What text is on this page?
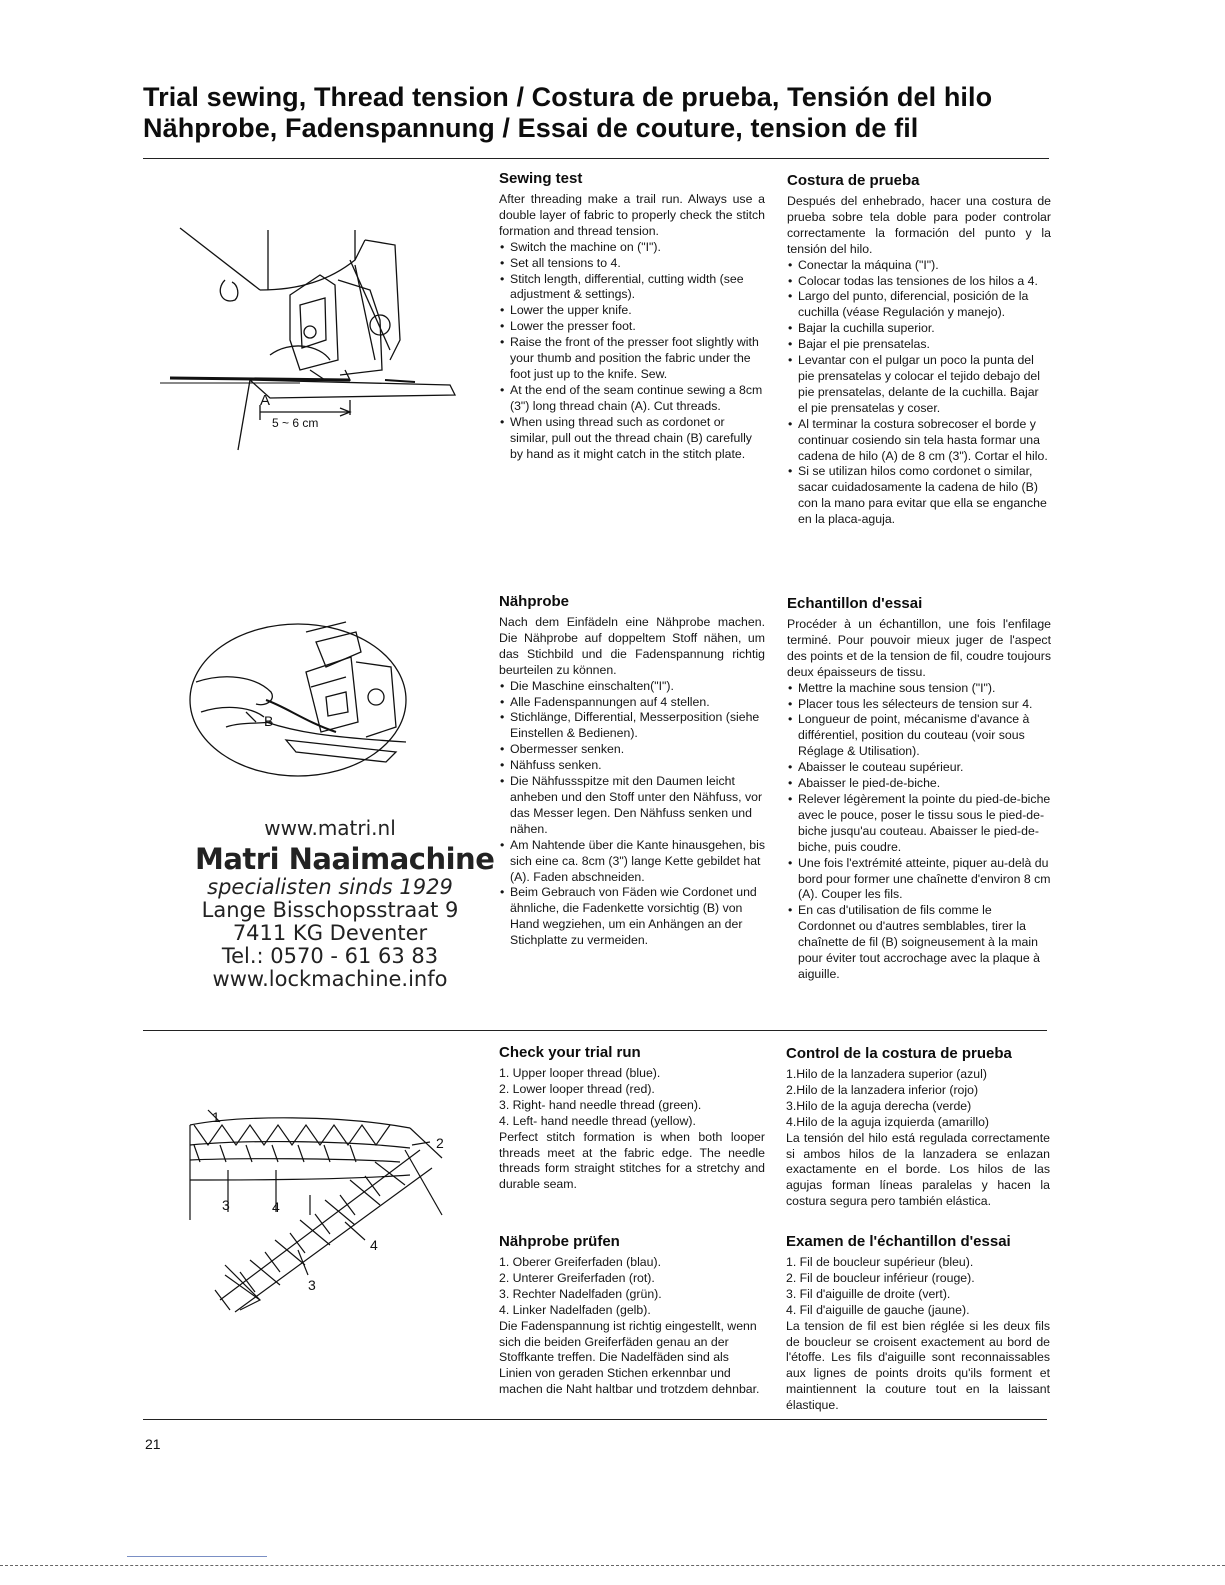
Trial sewing, Thread tension / Costura de prueba, Tensión del hilo
Nähprobe, Fadenspannung / Essai de couture, tension de fil
A
5 ~ 6 cm
B
www.matri.nl
Matri Naaimachine
specialisten sinds 1929
Lange Bisschopsstraat 9
7411 KG Deventer
Tel.: 0570 - 61 63 83
www.lockmachine.info
Sewing test

After threading make a trail run. Always use a double layer of fabric to properly check the stitch formation and thread tension.

• Switch the machine on ("I").
• Set all tensions to 4.
• Stitch length, differential, cutting width (see adjustment & settings).
• Lower the upper knife.
• Lower the presser foot.
• Raise the front of the presser foot slightly with your thumb and position the fabric under the foot just up to the knife. Sew.
• At the end of the seam continue sewing a 8cm (3") long thread chain (A). Cut threads.
• When using thread such as cordonet or similar, pull out the thread chain (B) carefully by hand as it might catch in the stitch plate.
Costura de prueba

Después del enhebrado, hacer una costura de prueba sobre tela doble para poder controlar correctamente la formación del punto y la tensión del hilo.

• Conectar la máquina ("I").
• Colocar todas las tensiones de los hilos a 4.
• Largo del punto, diferencial, posición de la cuchilla (véase Regulación y manejo).
• Bajar la cuchilla superior.
• Bajar el pie prensatelas.
• Levantar con el pulgar un poco la punta del pie prensatelas y colocar el tejido debajo del pie prensatelas, delante de la cuchilla. Bajar el pie prensatelas y coser.
• Al terminar la costura sobrecoser el borde y continuar cosiendo sin tela hasta formar una cadena de hilo (A) de 8 cm (3"). Cortar el hilo.
• Si se utilizan hilos como cordonet o similar, sacar cuidadosamente la cadena de hilo (B) con la mano para evitar que ella se enganche en la placa-aguja.
Nähprobe

Nach dem Einfädeln eine Nähprobe machen. Die Nähprobe auf doppeltem Stoff nähen, um das Stichbild und die Fadenspannung richtig beurteilen zu können.

• Die Maschine einschalten("I").
• Alle Fadenspannungen auf 4 stellen.
• Stichlänge, Differential, Messerposition (siehe Einstellen & Bedienen).
• Obermesser senken.
• Nähfuss senken.
• Die Nähfussspitze mit den Daumen leicht anheben und den Stoff unter den Nähfuss, vor das Messer legen. Den Nähfuss senken und nähen.
• Am Nahtende über die Kante hinausgehen, bis sich eine ca. 8cm (3") lange Kette gebildet hat (A). Faden abschneiden.
• Beim Gebrauch von Fäden wie Cordonet und ähnliche, die Fadenkette vorsichtig (B) von Hand wegziehen, um ein Anhängen an der Stichplatte zu vermeiden.
Echantillon d'essai

Procéder à un échantillon, une fois l'enfilage terminé. Pour pouvoir mieux juger de l'aspect des points et de la tension de fil, coudre toujours deux épaisseurs de tissu.

• Mettre la machine sous tension ("I").
• Placer tous les sélecteurs de tension sur 4.
• Longueur de point, mécanisme d'avance à différentiel, position du couteau (voir sous Réglage & Utilisation).
• Abaisser le couteau supérieur.
• Abaisser le pied-de-biche.
• Relever légèrement la pointe du pied-de-biche avec le pouce, poser le tissu sous le pied-de-biche jusqu'au couteau. Abaisser le pied-de-biche, puis coudre.
• Une fois l'extrémité atteinte, piquer au-delà du bord pour former une chaînette d'environ 8 cm (A). Couper les fils.
• En cas d'utilisation de fils comme le Cordonnet ou d'autres semblables, tirer la chaînette de fil (B) soigneusement à la main pour éviter tout accrochage avec la plaque à aiguille.
1
2
3	4
4
3
Check your trial run
1. Upper looper thread (blue).
2. Lower looper thread (red).
3. Right- hand needle thread (green).
4. Left- hand needle thread (yellow).

Perfect stitch formation is when both looper threads meet at the fabric edge. The needle threads form straight stitches for a stretchy and durable seam.

Control de la costura de prueba
1.Hilo de la lanzadera superior (azul)
2.Hilo de la lanzadera inferior (rojo)
3.Hilo de la aguja derecha (verde)
4.Hilo de la aguja izquierda (amarillo)

La tensión del hilo está regulada correctamente si ambos hilos de la lanzadera se enlazan exactamente en el borde. Los hilos de las agujas forman líneas paralelas y hacen la costura segura pero también elástica.

Nähprobe prüfen
1. Oberer Greiferfaden (blau).
2. Unterer Greiferfaden (rot).
3. Rechter Nadelfaden (grün).
4. Linker Nadelfaden (gelb).

Die Fadenspannung ist richtig eingestellt, wenn sich die beiden Greiferfäden genau an der Stoffkante treffen. Die Nadelfäden sind als Linien von geraden Stichen erkennbar und machen die Naht haltbar und trotzdem dehnbar.

Examen de l'échantillon d'essai
1. Fil de boucleur supérieur (bleu).
2. Fil de boucleur inférieur (rouge).
3. Fil d'aiguille de droite (vert).
4. Fil d'aiguille de gauche (jaune).

La tension de fil est bien réglée si les deux fils de boucleur se croisent exactement au bord de l'étoffe. Les fils d'aiguille sont reconnaissables aux lignes de points droits qu'ils forment et maintiennent la couture tout en la laissant élastique.

21
